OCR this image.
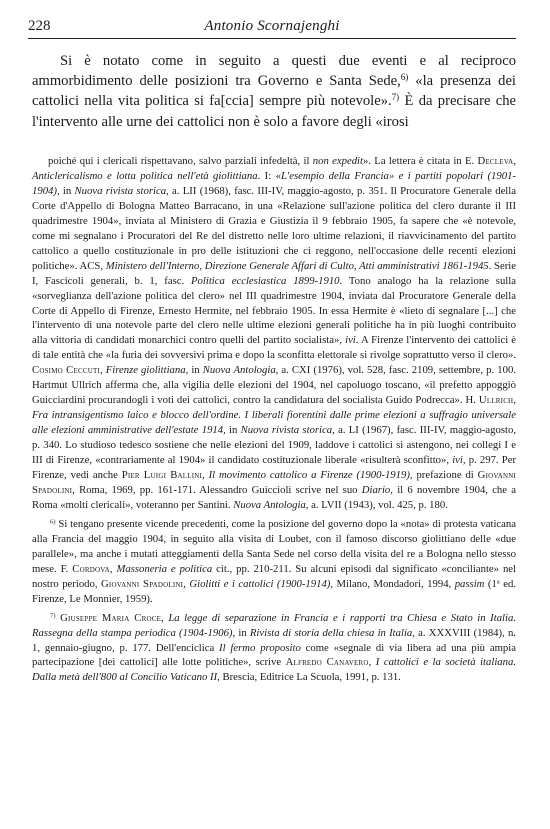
228	Antonio Scornajenghi

Si è notato come in seguito a questi due eventi e al reciproco ammorbidimento delle posizioni tra Governo e Santa Sede,$^{6)}$ «la presenza dei cattolici nella vita politica si fa[ccia] sempre più notevole».$^{7)}$ È da precisare che l'intervento alle urne dei cattolici non è solo a favore degli «irosi

poiché qui i clericali rispettavano, salvo parziali infedeltà, il non expedit». La lettera è citata in E. Decleva, Anticlericalismo e lotta politica nell'età giolittiana. I: «L'esempio della Francia» e i partiti popolari (1901-1904), in Nuova rivista storica, a. LII (1968), fasc. III-IV, maggio-agosto, p. 351. Il Procuratore Generale della Corte d'Appello di Bologna Matteo Barracano, in una «Relazione sull'azione politica del clero durante il III quadrimestre 1904», inviata al Ministero di Grazia e Giustizia il 9 febbraio 1905, fa sapere che «è notevole, come mi segnalano i Procuratori del Re del distretto nelle loro ultime relazioni, il riavvicinamento del partito cattolico a quello costituzionale in pro delle istituzioni che ci reggono, nell'occasione delle recenti elezioni politiche». ACS, Ministero dell'Interno, Direzione Generale Affari di Culto, Atti amministrativi 1861-1945. Serie I, Fascicoli generali, b. 1, fasc. Politica ecclesiastica 1899-1910. Tono analogo ha la relazione sulla «sorveglianza dell'azione politica del clero» nel III quadrimestre 1904, inviata dal Procuratore Generale della Corte di Appello di Firenze, Ernesto Hermite, nel febbraio 1905. In essa Hermite è «lieto di segnalare [...] che l'intervento di una notevole parte del clero nelle ultime elezioni generali politiche ha in più luoghi contribuito alla vittoria di candidati monarchici contro quelli del partito socialista», ivi. A Firenze l'intervento dei cattolici è di tale entità che «la furia dei sovversivi prima e dopo la sconfitta elettorale si rivolge soprattutto verso il clero». Cosimo Ceccuti, Firenze giolittiana, in Nuova Antologia, a. CXI (1976), vol. 528, fasc. 2109, settembre, p. 100. Hartmut Ullrich afferma che, alla vigilia delle elezioni del 1904, nel capoluogo toscano, «il prefetto appoggiò Guicciardini procurandogli i voti dei cattolici, contro la candidatura del socialista Guido Podrecca». H. Ullrich, Fra intransigentismo laico e blocco dell'ordine. I liberali fiorentini dalle prime elezioni a suffragio universale alle elezioni amministrative dell'estate 1914, in Nuova rivista storica, a. LI (1967), fasc. III-IV, maggio-agosto, p. 340. Lo studioso tedesco sostiene che nelle elezioni del 1909, laddove i cattolici si astengono, nei collegi I e III di Firenze, «contrariamente al 1904» il candidato costituzionale liberale «risulterà sconfitto», ivi, p. 297. Per Firenze, vedi anche Pier Luigi Ballini, Il movimento cattolico a Firenze (1900-1919), prefazione di Giovanni Spadolini, Roma, 1969, pp. 161-171. Alessandro Guiccioli scrive nel suo Diario, il 6 novembre 1904, che a Roma «molti clericali», voteranno per Santini. Nuova Antologia, a. LVII (1943), vol. 425, p. 180.

$^{6)}$ Si tengano presente vicende precedenti, come la posizione del governo dopo la «nota» di protesta vaticana alla Francia del maggio 1904, in seguito alla visita di Loubet, con il famoso discorso giolittiano delle «due parallele», ma anche i mutati atteggiamenti della Santa Sede nel corso della visita del re a Bologna nello stesso mese. F. Cordova, Massoneria e politica cit., pp. 210-211. Su alcuni episodi dal significato «conciliante» nel nostro periodo, Giovanni Spadolini, Giolitti e i cattolici (1900-1914), Milano, Mondadori, 1994, passim (1$^a$ ed. Firenze, Le Monnier, 1959).

$^{7)}$ Giuseppe Maria Croce, La legge di separazione in Francia e i rapporti tra Chiesa e Stato in Italia. Rassegna della stampa periodica (1904-1906), in Rivista di storia della chiesa in Italia, a. XXXVIII (1984), n. 1, gennaio-giugno, p. 177. Dell'enciclica Il fermo proposito come «segnale di via libera ad una più ampia partecipazione [dei cattolici] alle lotte politiche», scrive Alfredo Canavero, I cattolici e la società italiana. Dalla metà dell'800 al Concilio Vaticano II, Brescia, Editrice La Scuola, 1991, p. 131.
